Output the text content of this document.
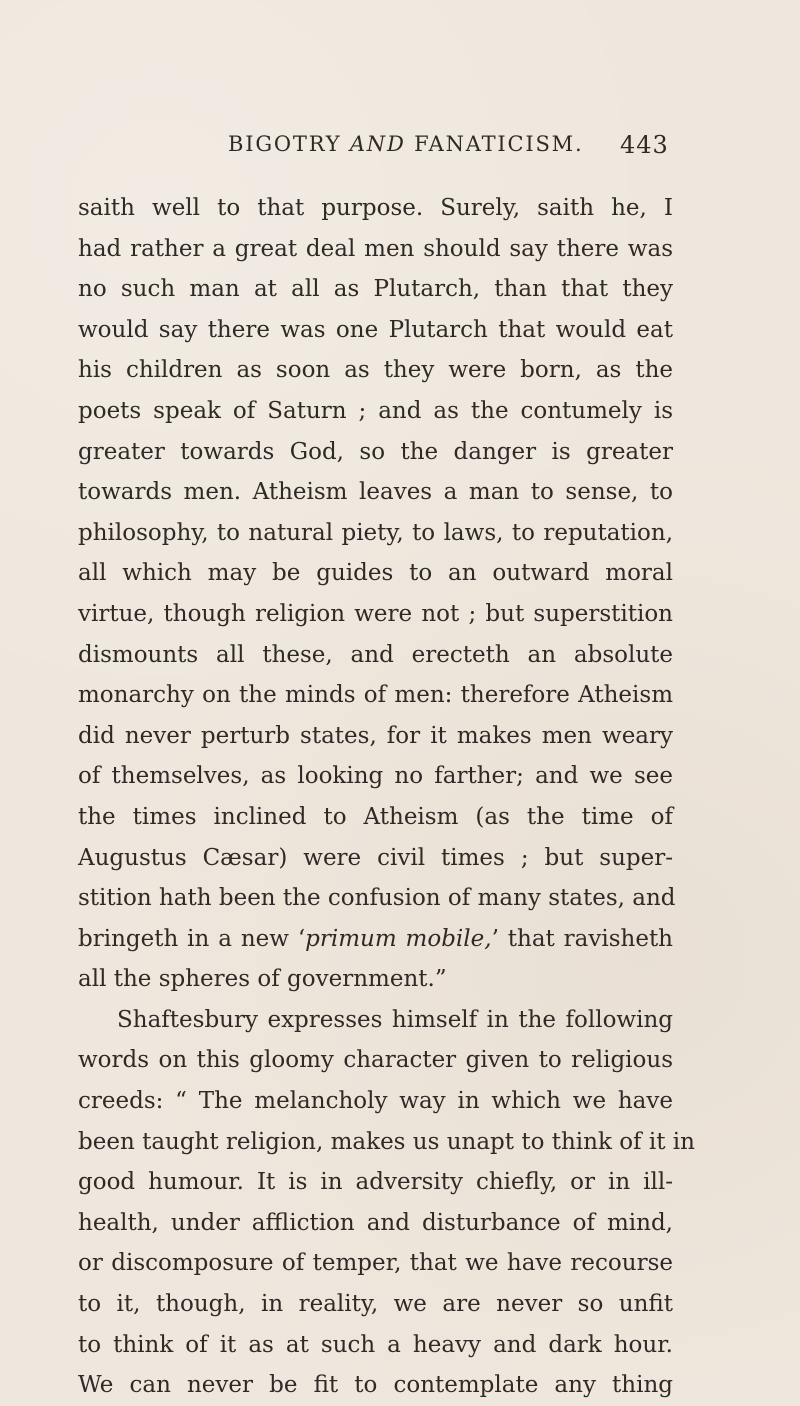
BIGOTRY AND FANATICISM. 443
saith well to that purpose. Surely, saith he, I
had rather a great deal men should say there was
no such man at all as Plutarch, than that they
would say there was one Plutarch that would eat
his children as soon as they were born, as the
poets speak of Saturn ; and as the contumely is
greater towards God, so the danger is greater
towards men. Atheism leaves a man to sense, to
philosophy, to natural piety, to laws, to reputation,
all which may be guides to an outward moral
virtue, though religion were not ; but superstition
dismounts all these, and erecteth an absolute
monarchy on the minds of men: therefore Atheism
did never perturb states, for it makes men weary
of themselves, as looking no farther; and we see
the times inclined to Atheism (as the time of
Augustus Cæsar) were civil times ; but super-
stition hath been the confusion of many states, and
bringeth in a new ‘primum mobile,’ that ravisheth
all the spheres of government.”
Shaftesbury expresses himself in the following
words on this gloomy character given to religious
creeds: “ The melancholy way in which we have
been taught religion, makes us unapt to think of it in
good humour. It is in adversity chiefly, or in ill-
health, under affliction and disturbance of mind,
or discomposure of temper, that we have recourse
to it, though, in reality, we are never so unfit
to think of it as at such a heavy and dark hour.
We can never be fit to contemplate any thing
